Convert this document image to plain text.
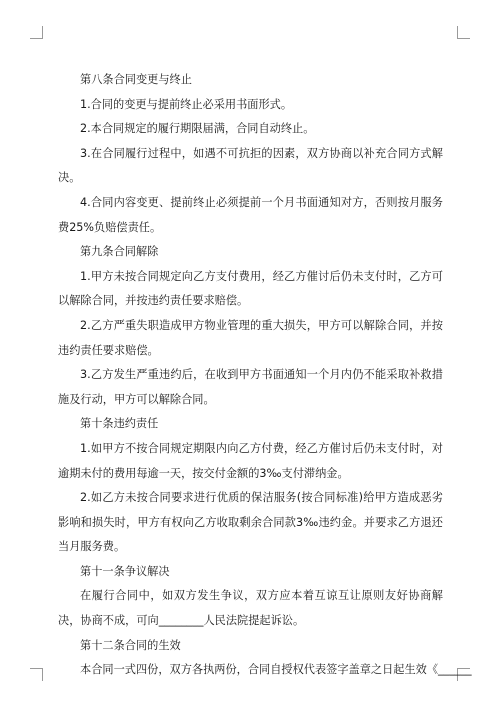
第八条合同变更与终止

1.合同的变更与提前终止必采用书面形式。

2.本合同规定的履行期限届满，合同自动终止。

3.在合同履行过程中，如遇不可抗拒的因素，双方协商以补充合同方式解决。

4.合同内容变更、提前终止必须提前一个月书面通知对方，否则按月服务费25%负赔偿责任。

第九条合同解除

1.甲方未按合同规定向乙方支付费用，经乙方催讨后仍未支付时，乙方可以解除合同，并按违约责任要求赔偿。

2.乙方严重失职造成甲方物业管理的重大损失，甲方可以解除合同，并按违约责任要求赔偿。

3.乙方发生严重违约后，在收到甲方书面通知一个月内仍不能采取补救措施及行动，甲方可以解除合同。

第十条违约责任

1.如甲方不按合同规定期限内向乙方付费，经乙方催讨后仍未支付时，对逾期未付的费用每逾一天，按交付金额的3‰支付滞纳金。

2.如乙方未按合同要求进行优质的保洁服务(按合同标准)给甲方造成恶劣影响和损失时，甲方有权向乙方收取剩余合同款3‰违约金。并要求乙方退还当月服务费。

第十一条争议解决

在履行合同中，如双方发生争议，双方应本着互谅互让原则友好协商解决，协商不成，可向________人民法院提起诉讼。

第十二条合同的生效

本合同一式四份，双方各执两份，合同自授权代表签字盖章之日起生效《______
